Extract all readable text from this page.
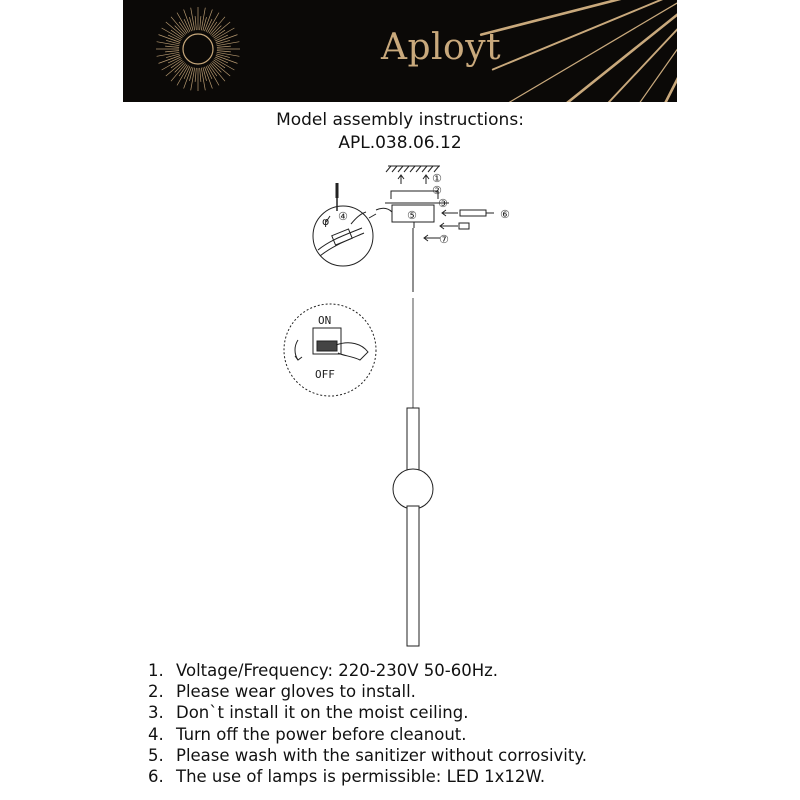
Aployt
Model assembly instructions:
APL.038.06.12
φ
①
②
③
④	⑤	⑥
⑦
ON
OFF
1. Voltage/Frequency: 220-230V 50-60Hz.
2. Please wear gloves to install.
3. Don`t install it on the moist ceiling.
4. Turn off the power before cleanout.
5. Please wash with the sanitizer without corrosivity.
6. The use of lamps is permissible: LED 1x12W.
